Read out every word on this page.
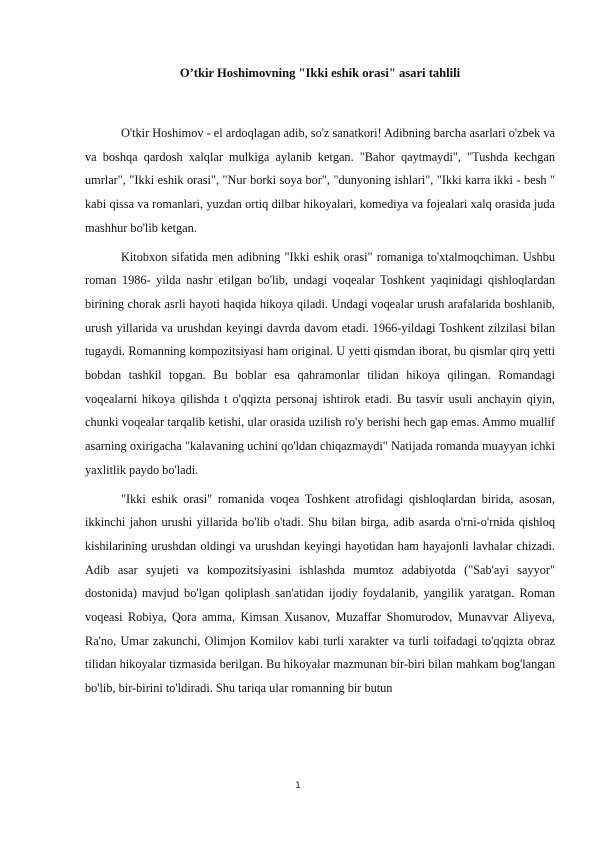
O’tkir Hoshimovning "Ikki eshik orasi" asari tahlili

O'tkir Hoshimov - el ardoqlagan adib, so'z sanatkori! Adibning barcha asarlari o'zbek va va boshqa qardosh xalqlar mulkiga aylanib ketgan. "Bahor qaytmaydi", "Tushda kechgan umrlar", "Ikki eshik orasi", "Nur borki soya bor", "dunyoning ishlari", "Ikki karra ikki - besh " kabi qissa va romanlari, yuzdan ortiq dilbar hikoyalari, komediya va fojealari xalq orasida juda mashhur bo'lib ketgan.

Kitobxon sifatida men adibning "Ikki eshik orasi" romaniga to'xtalmoqchiman. Ushbu roman 1986- yilda nashr etilgan bo'lib, undagi voqealar Toshkent yaqinidagi qishloqlardan birining chorak asrli hayoti haqida hikoya qiladi. Undagi voqealar urush arafalarida boshlanib, urush yillarida va urushdan keyingi davrda davom etadi. 1966-yildagi Toshkent zilzilasi bilan tugaydi. Romanning kompozitsiyasi ham original. U yetti qismdan iborat, bu qismlar qirq yetti bobdan tashkil topgan. Bu boblar esa qahramonlar tilidan hikoya qilingan. Romandagi voqealarni hikoya qilishda t o'qqizta personaj ishtirok etadi. Bu tasvir usuli anchayin qiyin, chunki voqealar tarqalib ketishi, ular orasida uzilish ro'y berishi hech gap emas. Ammo muallif asarning oxirigacha "kalavaning uchini qo'ldan chiqazmaydi" Natijada romanda muayyan ichki yaxlitlik paydo bo'ladi.

"Ikki eshik orasi" romanida voqea Toshkent atrofidagi qishloqlardan birida, asosan, ikkinchi jahon urushi yillarida bo'lib o'tadi. Shu bilan birga, adib asarda o'rni-o'rnida qishloq kishilarining urushdan oldingi va urushdan keyingi hayotidan ham hayajonli lavhalar chizadi. Adib asar syujeti va kompozitsiyasini ishlashda mumtoz adabiyotda ("Sab'ayi sayyor" dostonida) mavjud bo'lgan qoliplash san'atidan ijodiy foydalanib, yangilik yaratgan. Roman voqeasi Robiya, Qora amma, Kimsan Xusanov, Muzaffar Shomurodov, Munavvar Aliyeva, Ra'no, Umar zakunchi, Olimjon Komilov kabi turli xarakter va turli toifadagi to'qqizta obraz tilidan hikoyalar tizmasida berilgan. Bu hikoyalar mazmunan bir-biri bilan mahkam bog'langan bo'lib, bir-birini to'ldiradi. Shu tariqa ular romanning bir butun

1
